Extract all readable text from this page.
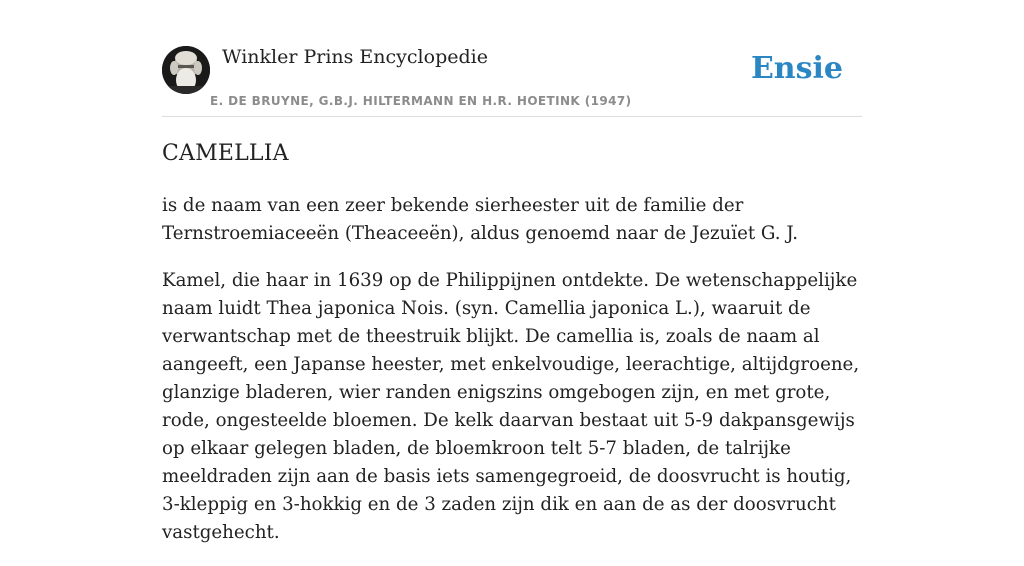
Winkler Prins Encyclopedie
E. DE BRUYNE, G.B.J. HILTERMANN EN H.R. HOETINK (1947)
Ensie
CAMELLIA

is de naam van een zeer bekende sierheester uit de familie der Ternstroemiaceeën (Theaceeën), aldus genoemd naar de Jezuïet G. J.

Kamel, die haar in 1639 op de Philippijnen ontdekte. De wetenschappelijke naam luidt Thea japonica Nois. (syn. Camellia japonica L.), waaruit de verwantschap met de theestruik blijkt. De camellia is, zoals de naam al aangeeft, een Japanse heester, met enkelvoudige, leerachtige, altijdgroene, glanzige bladeren, wier randen enigszins omgebogen zijn, en met grote, rode, ongesteelde bloemen. De kelk daarvan bestaat uit 5-9 dakpansgewijs op elkaar gelegen bladen, de bloemkroon telt 5-7 bladen, de talrijke meeldraden zijn aan de basis iets samengegroeid, de doosvrucht is houtig, 3-kleppig en 3-hokkig en de 3 zaden zijn dik en aan de as der doosvrucht vastgehecht.
